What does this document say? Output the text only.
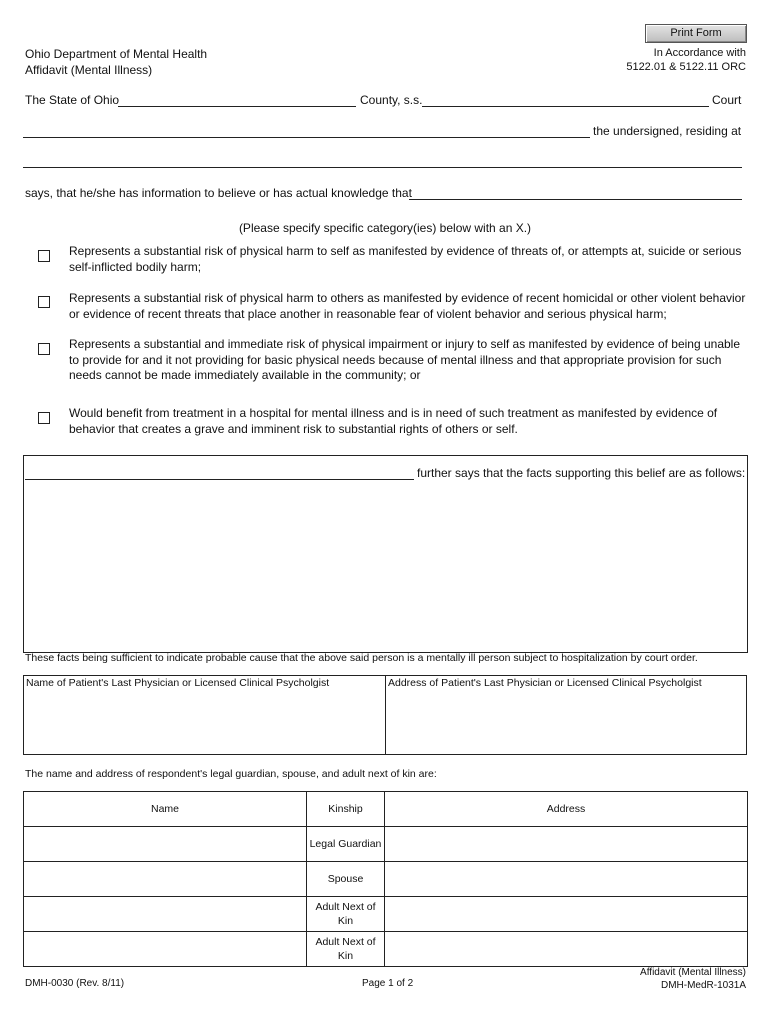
Print Form
Ohio Department of Mental Health
Affidavit (Mental Illness)
In Accordance with
5122.01 & 5122.11 ORC
The State of Ohio	County, s.s.	Court
the undersigned, residing at
says, that he/she has information to believe or has actual knowledge that
(Please specify specific category(ies) below with an X.)
Represents a substantial risk of physical harm to self as manifested by evidence of threats of, or attempts at, suicide or serious self-inflicted bodily harm;
Represents a substantial risk of physical harm to others as manifested by evidence of recent homicidal or other violent behavior or evidence of recent threats that place another in reasonable fear of violent behavior and serious physical harm;
Represents a substantial and immediate risk of physical impairment or injury to self as manifested by evidence of being unable to provide for and it not providing for basic physical needs because of mental illness and that appropriate provision for such needs cannot be made immediately available in the community; or
Would benefit from treatment in a hospital for mental illness and is in need of such treatment as manifested by evidence of behavior that creates a grave and imminent risk to substantial rights of others or self.
further says that the facts supporting this belief are as follows:
These facts being sufficient to indicate probable cause that the above said person is a mentally ill person subject to hospitalization by court order.
Name of Patient's Last Physician or Licensed Clinical Psycholgist	Address of Patient's Last Physician or Licensed Clinical Psycholgist
The name and address of respondent's legal guardian, spouse, and adult next of kin are:
Name	Kinship	Address
	Legal Guardian	
	Spouse	
	Adult Next of Kin	
	Adult Next of Kin	
DMH-0030 (Rev. 8/11)	Page 1 of 2
Affidavit (Mental Illness)
DMH-MedR-1031A
